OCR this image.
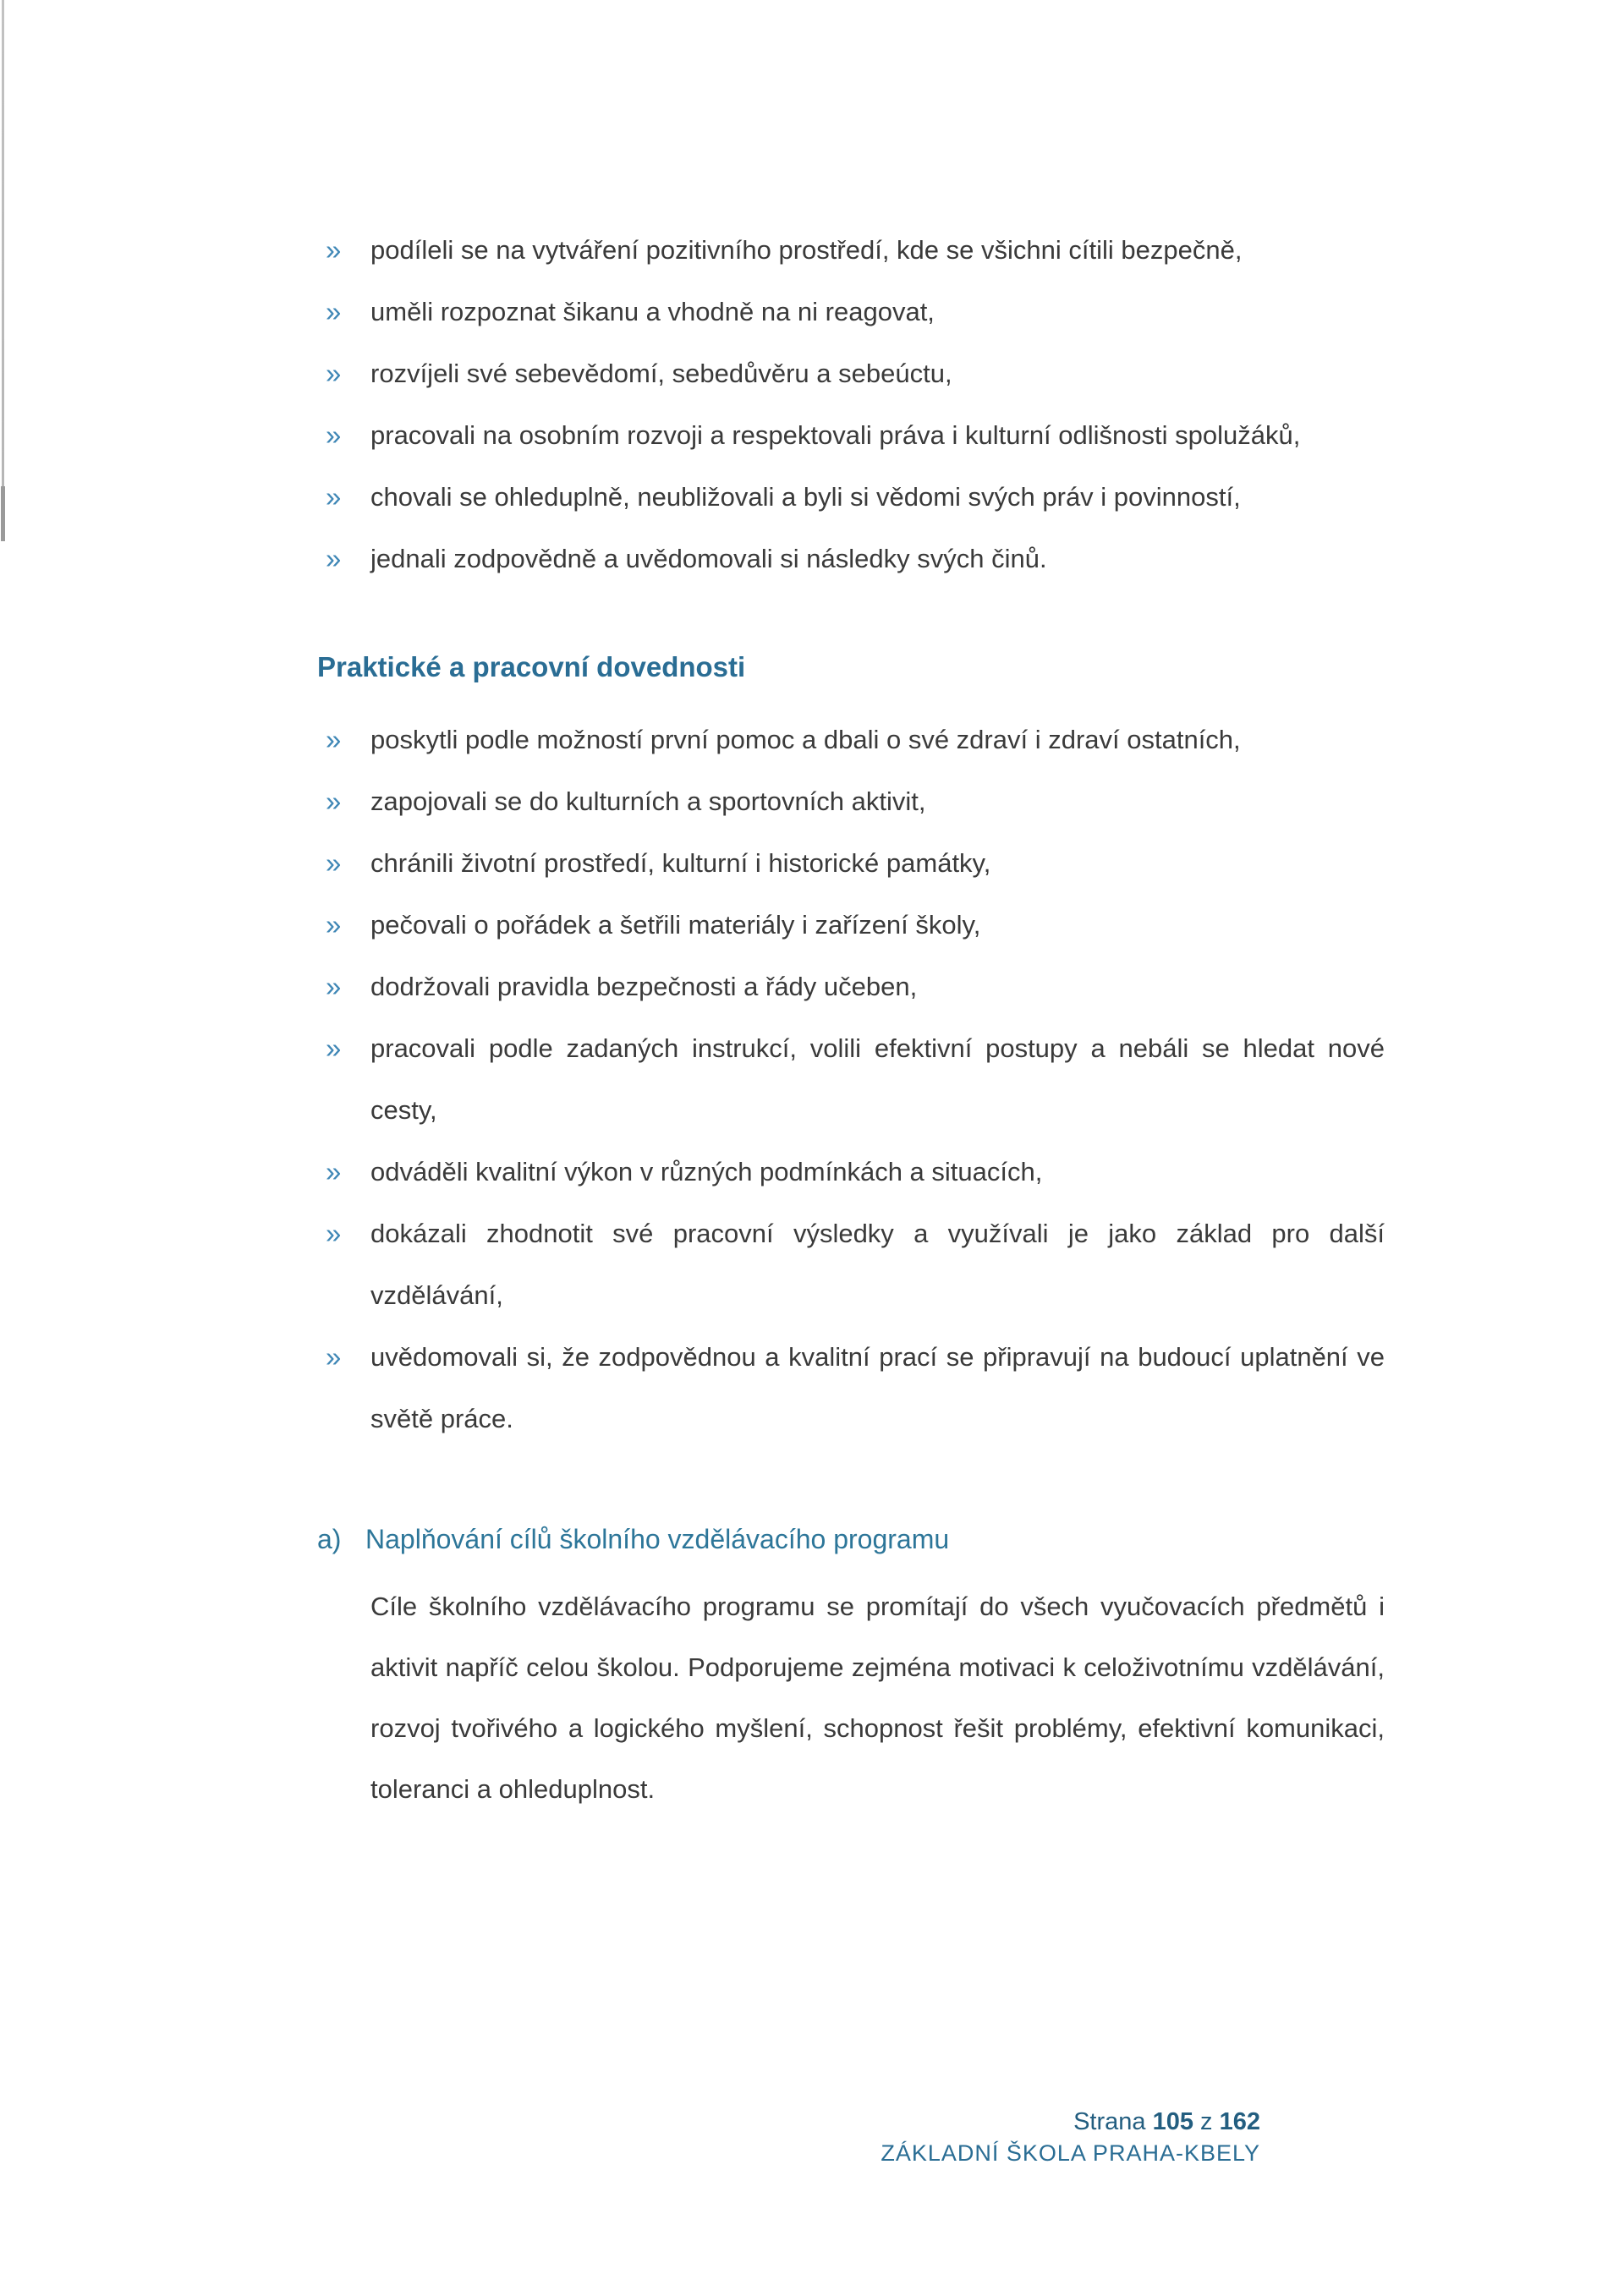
» podíleli se na vytváření pozitivního prostředí, kde se všichni cítili bezpečně,
» uměli rozpoznat šikanu a vhodně na ni reagovat,
» rozvíjeli své sebevědomí, sebedůvěru a sebeúctu,
» pracovali na osobním rozvoji a respektovali práva i kulturní odlišnosti spolužáků,
» chovali se ohleduplně, neubližovali a byli si vědomi svých práv i povinností,
» jednali zodpovědně a uvědomovali si následky svých činů.
Praktické a pracovní dovednosti
» poskytli podle možností první pomoc a dbali o své zdraví i zdraví ostatních,
» zapojovali se do kulturních a sportovních aktivit,
» chránili životní prostředí, kulturní i historické památky,
» pečovali o pořádek a šetřili materiály i zařízení školy,
» dodržovali pravidla bezpečnosti a řády učeben,
» pracovali podle zadaných instrukcí, volili efektivní postupy a nebáli se hledat nové cesty,
» odváděli kvalitní výkon v různých podmínkách a situacích,
» dokázali zhodnotit své pracovní výsledky a využívali je jako základ pro další vzdělávání,
» uvědomovali si, že zodpovědnou a kvalitní prací se připravují na budoucí uplatnění ve světě práce.
a) Naplňování cílů školního vzdělávacího programu

Cíle školního vzdělávacího programu se promítají do všech vyučovacích předmětů i aktivit napříč celou školou. Podporujeme zejména motivaci k celoživotnímu vzdělávání, rozvoj tvořivého a logického myšlení, schopnost řešit problémy, efektivní komunikaci, toleranci a ohleduplnost.

Strana 105 z 162
ZÁKLADNÍ ŠKOLA PRAHA-KBELY
